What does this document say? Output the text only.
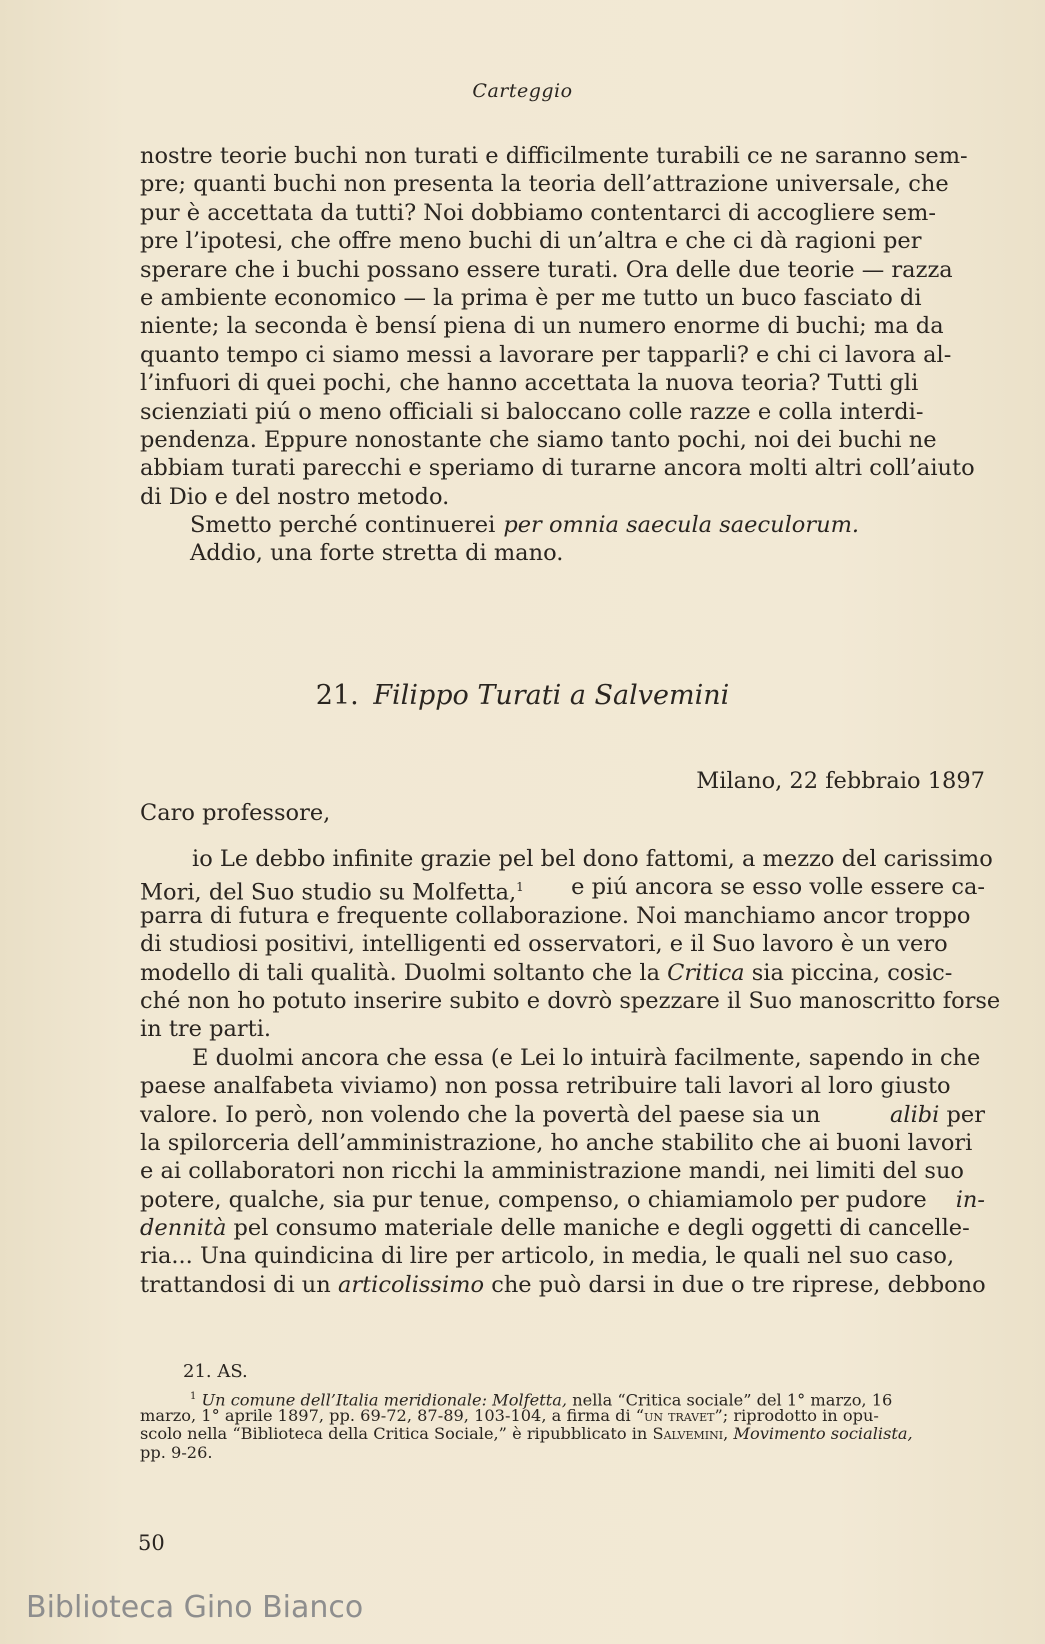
Carteggio
nostre teorie buchi non turati e difficilmente turabili ce ne saranno sem-
pre; quanti buchi non presenta la teoria dell’attrazione universale, che
pur è accettata da tutti? Noi dobbiamo contentarci di accogliere sem-
pre l’ipotesi, che offre meno buchi di un’altra e che ci dà ragioni per
sperare che i buchi possano essere turati. Ora delle due teorie — razza
e ambiente economico — la prima è per me tutto un buco fasciato di
niente; la seconda è bensí piena di un numero enorme di buchi; ma da
quanto tempo ci siamo messi a lavorare per tapparli? e chi ci lavora al-
l’infuori di quei pochi, che hanno accettata la nuova teoria? Tutti gli
scienziati piú o meno officiali si baloccano colle razze e colla interdi-
pendenza. Eppure nonostante che siamo tanto pochi, noi dei buchi ne
abbiam turati parecchi e speriamo di turarne ancora molti altri coll’aiuto
di Dio e del nostro metodo.
Smetto perché continuerei per omnia saecula saeculorum.
Addio, una forte stretta di mano.
21. Filippo Turati a Salvemini
Milano, 22 febbraio 1897
Caro professore,
io Le debbo infinite grazie pel bel dono fattomi, a mezzo del carissimo
Mori, del Suo studio su Molfetta,$^1$ e piú ancora se esso volle essere ca-
parra di futura e frequente collaborazione. Noi manchiamo ancor troppo
di studiosi positivi, intelligenti ed osservatori, e il Suo lavoro è un vero
modello di tali qualità. Duolmi soltanto che la Critica sia piccina, cosic-
ché non ho potuto inserire subito e dovrò spezzare il Suo manoscritto forse
in tre parti.
E duolmi ancora che essa (e Lei lo intuirà facilmente, sapendo in che
paese analfabeta viviamo) non possa retribuire tali lavori al loro giusto
valore. Io però, non volendo che la povertà del paese sia un	alibi per
la spilorceria dell’amministrazione, ho anche stabilito che ai buoni lavori
e ai collaboratori non ricchi la amministrazione mandi, nei limiti del suo
potere, qualche, sia pur tenue, compenso, o chiamiamolo per pudore in-
dennità pel consumo materiale delle maniche e degli oggetti di cancelle-
ria... Una quindicina di lire per articolo, in media, le quali nel suo caso,
trattandosi di un articolissimo che può darsi in due o tre riprese, debbono
21. AS.
$^1$ Un comune dell’Italia meridionale: Molfetta, nella “Critica sociale” del 1° marzo, 16
marzo, 1° aprile 1897, pp. 69-72, 87-89, 103-104, a firma di “un travet”; riprodotto in opu-
scolo nella “Biblioteca della Critica Sociale,” è ripubblicato in Salvemini, Movimento socialista,
pp. 9-26.
50
Biblioteca Gino Bianco
